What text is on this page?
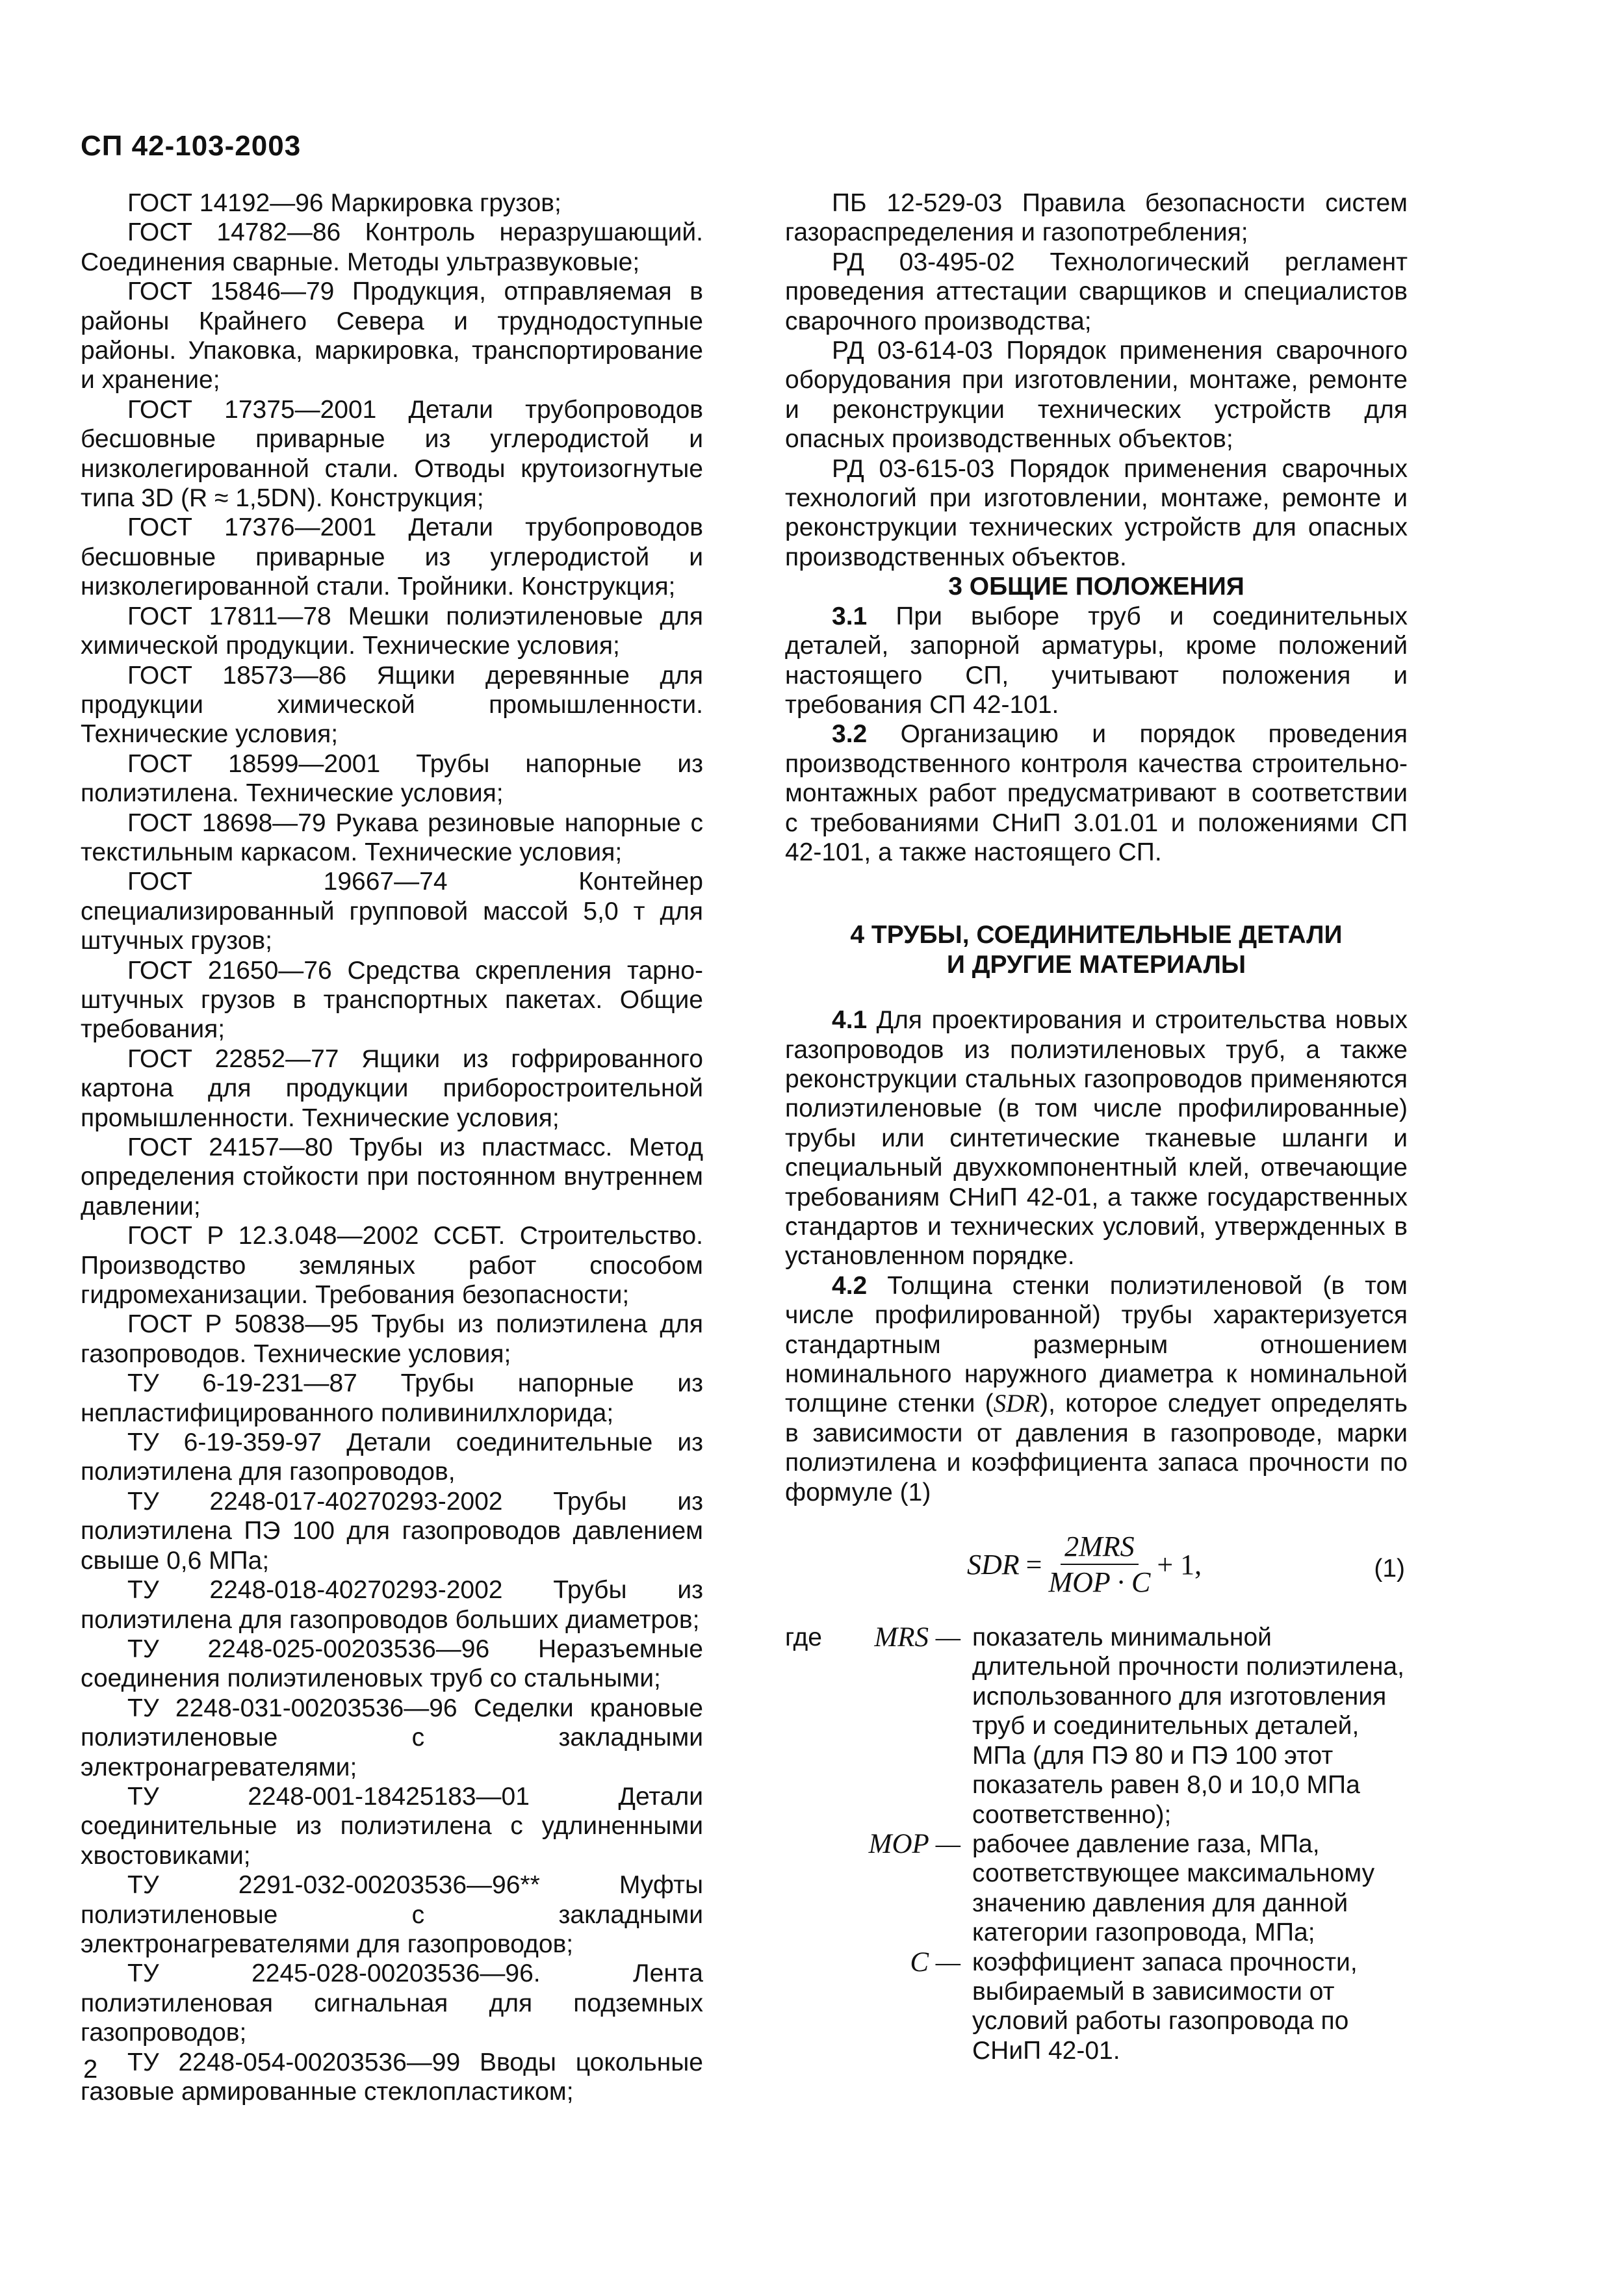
СП 42-103-2003

ГОСТ 14192—96 Маркировка грузов;

ГОСТ 14782—86 Контроль неразрушающий. Соединения сварные. Методы ультразвуковые;

ГОСТ 15846—79 Продукция, отправляемая в районы Крайнего Севера и труднодоступные районы. Упаковка, маркировка, транспортирование и хранение;

ГОСТ 17375—2001 Детали трубопроводов бесшовные приварные из углеродистой и низколегированной стали. Отводы крутоизогнутые типа 3D (R ≈ 1,5DN). Конструкция;

ГОСТ 17376—2001 Детали трубопроводов бесшовные приварные из углеродистой и низколегированной стали. Тройники. Конструкция;

ГОСТ 17811—78 Мешки полиэтиленовые для химической продукции. Технические условия;

ГОСТ 18573—86 Ящики деревянные для продукции химической промышленности. Технические условия;

ГОСТ 18599—2001 Трубы напорные из полиэтилена. Технические условия;

ГОСТ 18698—79 Рукава резиновые напорные с текстильным каркасом. Технические условия;

ГОСТ 19667—74 Контейнер специализированный групповой массой 5,0 т для штучных грузов;

ГОСТ 21650—76 Средства скрепления тарно-штучных грузов в транспортных пакетах. Общие требования;

ГОСТ 22852—77 Ящики из гофрированного картона для продукции приборостроительной промышленности. Технические условия;

ГОСТ 24157—80 Трубы из пластмасс. Метод определения стойкости при постоянном внутреннем давлении;

ГОСТ Р 12.3.048—2002 ССБТ. Строительство. Производство земляных работ способом гидромеханизации. Требования безопасности;

ГОСТ Р 50838—95 Трубы из полиэтилена для газопроводов. Технические условия;

ТУ 6-19-231—87 Трубы напорные из непластифицированного поливинилхлорида;

ТУ 6-19-359-97 Детали соединительные из полиэтилена для газопроводов,

ТУ 2248-017-40270293-2002 Трубы из полиэтилена ПЭ 100 для газопроводов давлением свыше 0,6 МПа;

ТУ 2248-018-40270293-2002 Трубы из полиэтилена для газопроводов больших диаметров;

ТУ 2248-025-00203536—96 Неразъемные соединения полиэтиленовых труб со стальными;

ТУ 2248-031-00203536—96 Седелки крановые полиэтиленовые с закладными электронагревателями;

ТУ 2248-001-18425183—01 Детали соединительные из полиэтилена с удлиненными хвостовиками;

ТУ 2291-032-00203536—96** Муфты полиэтиленовые с закладными электронагревателями для газопроводов;

ТУ 2245-028-00203536—96. Лента полиэтиленовая сигнальная для подземных газопроводов;

ТУ 2248-054-00203536—99 Вводы цокольные газовые армированные стеклопластиком;

ПБ 12-529-03 Правила безопасности систем газораспределения и газопотребления;

РД 03-495-02 Технологический регламент проведения аттестации сварщиков и специалистов сварочного производства;

РД 03-614-03 Порядок применения сварочного оборудования при изготовлении, монтаже, ремонте и реконструкции технических устройств для опасных производственных объектов;

РД 03-615-03 Порядок применения сварочных технологий при изготовлении, монтаже, ремонте и реконструкции технических устройств для опасных производственных объектов.

3 ОБЩИЕ ПОЛОЖЕНИЯ

3.1 При выборе труб и соединительных деталей, запорной арматуры, кроме положений настоящего СП, учитывают положения и требования СП 42-101.

3.2 Организацию и порядок проведения производственного контроля качества строительно-монтажных работ предусматривают в соответствии с требованиями СНиП 3.01.01 и положениями СП 42-101, а также настоящего СП.

4 ТРУБЫ, СОЕДИНИТЕЛЬНЫЕ ДЕТАЛИ
И ДРУГИЕ МАТЕРИАЛЫ

4.1 Для проектирования и строительства новых газопроводов из полиэтиленовых труб, а также реконструкции стальных газопроводов применяются полиэтиленовые (в том числе профилированные) трубы или синтетические тканевые шланги и специальный двухкомпонентный клей, отвечающие требованиям СНиП 42-01, а также государственных стандартов и технических условий, утвержденных в установленном порядке.

4.2 Толщина стенки полиэтиленовой (в том числе профилированной) трубы характеризуется стандартным размерным отношением номинального наружного диаметра к номинальной толщине стенки (SDR), которое следует определять в зависимости от давления в газопроводе, марки полиэтилена и коэффициента запаса прочности по формуле (1)

SDR = $\frac{\text{2MRS}}{\text{MOP · C}} + 1$,	(1)
где	MRS — показатель минимальной длительной прочности полиэтилена, использованного для изготовления труб и соединительных деталей, МПа (для ПЭ 80 и ПЭ 100 этот показатель равен 8,0 и 10,0 МПа соответственно);
MOP — рабочее давление газа, МПа, соответствующее максимальному значению давления для данной категории газопровода, МПа;
C — коэффициент запаса прочности, выбираемый в зависимости от условий работы газопровода по СНиП 42-01.
2
